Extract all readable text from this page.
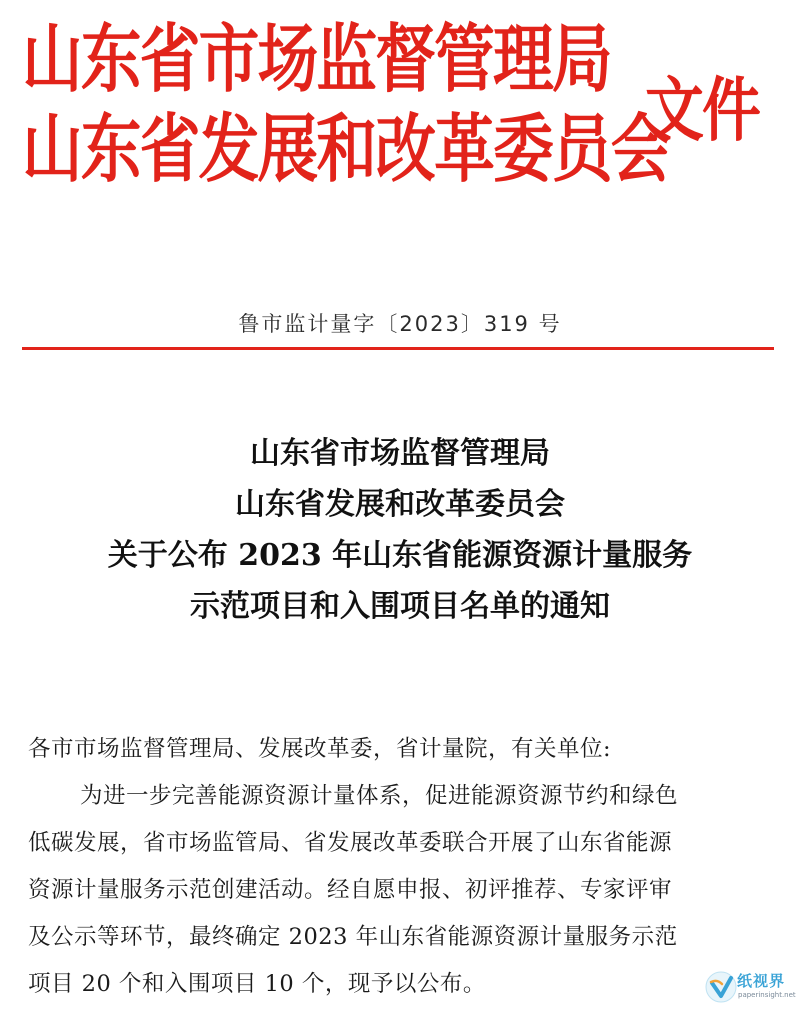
山东省市场监督管理局
山东省发展和改革委员会
文件
鲁市监计量字〔2023〕319 号
山东省市场监督管理局
山东省发展和改革委员会
关于公布 2023 年山东省能源资源计量服务
示范项目和入围项目名单的通知
各市市场监督管理局、发展改革委，省计量院，有关单位:
为进一步完善能源资源计量体系，促进能源资源节约和绿色
低碳发展，省市场监管局、省发展改革委联合开展了山东省能源
资源计量服务示范创建活动。经自愿申报、初评推荐、专家评审
及公示等环节，最终确定 2023 年山东省能源资源计量服务示范
项目 20 个和入围项目 10 个，现予以公布。	纸视界
paperinsight.net
